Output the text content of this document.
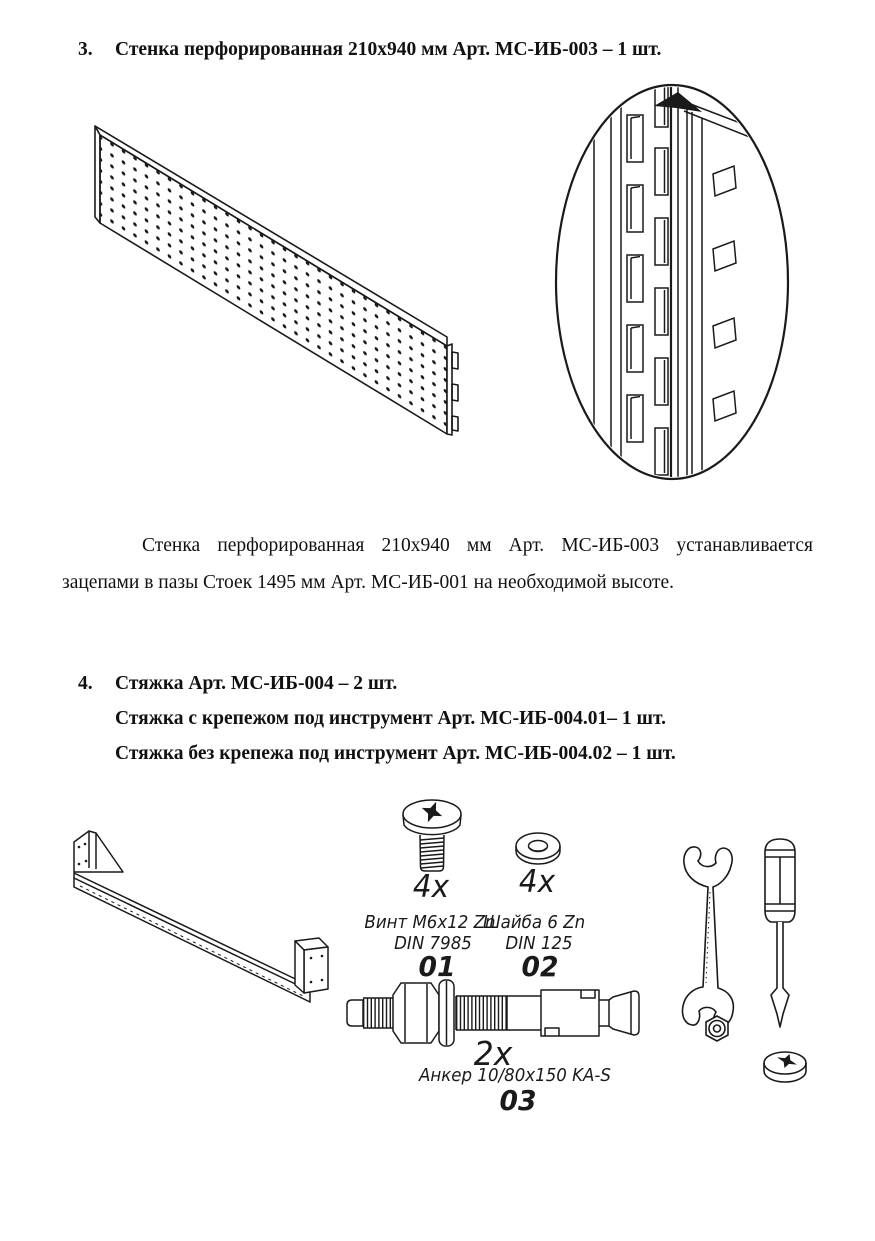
3.	Стенка перфорированная 210х940 мм Арт. МС-ИБ-003 – 1 шт.
Стенка перфорированная 210х940 мм Арт. МС-ИБ-003 устанавливается
зацепами в пазы Стоек 1495 мм Арт. МС-ИБ-001 на необходимой высоте.
4.	Стяжка Арт. МС-ИБ-004 – 2 шт.
Стяжка с крепежом под инструмент Арт. МС-ИБ-004.01– 1 шт.
Стяжка без крепежа под инструмент Арт. МС-ИБ-004.02 – 1 шт.
4х
Винт М6х12 Zn
DIN 7985
01
4х
Шайба 6 Zn
DIN 125
02
2х
Анкер 10/80х150 KA-S
03
